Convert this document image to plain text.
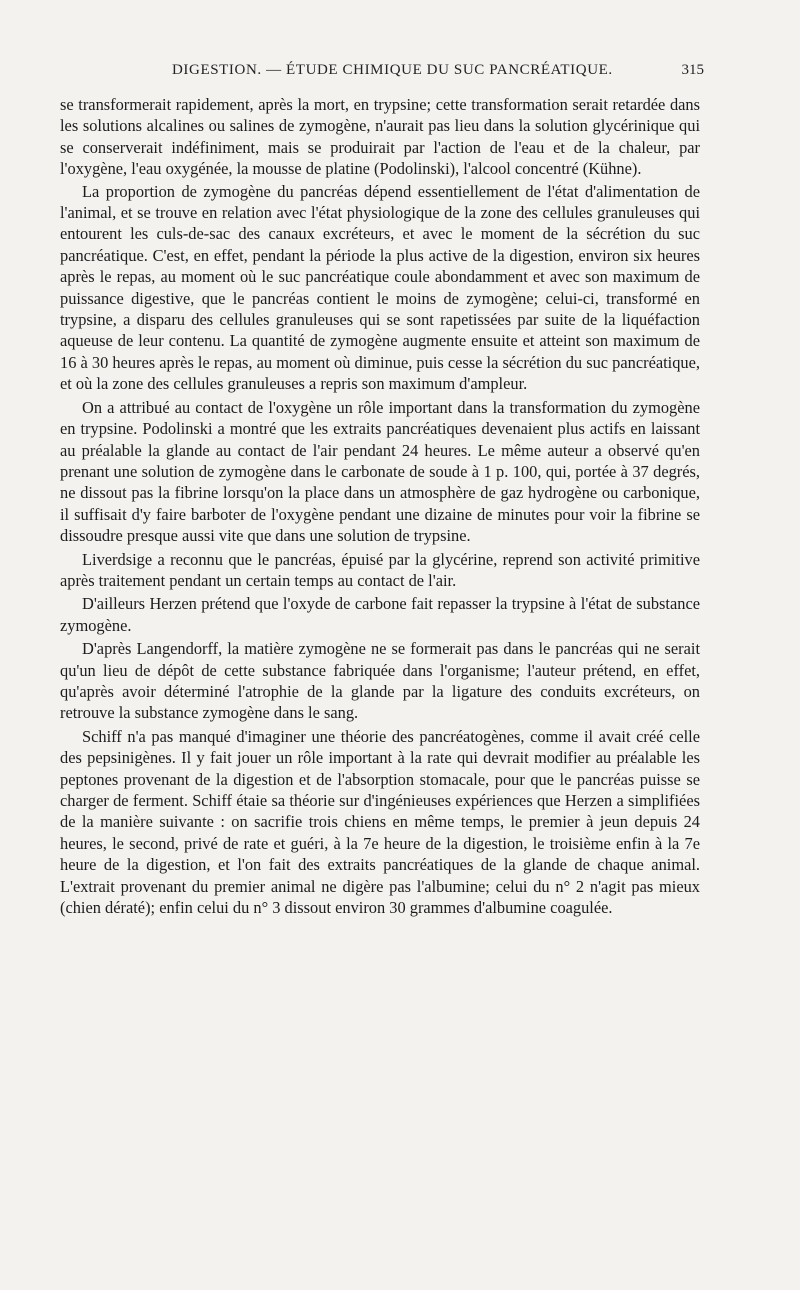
DIGESTION. — ÉTUDE CHIMIQUE DU SUC PANCRÉATIQUE.	315

se transformerait rapidement, après la mort, en trypsine; cette transformation serait retardée dans les solutions alcalines ou salines de zymogène, n'aurait pas lieu dans la solution glycérinique qui se conserverait indéfiniment, mais se produirait par l'action de l'eau et de la chaleur, par l'oxygène, l'eau oxygénée, la mousse de platine (Podolinski), l'alcool concentré (Kühne).

La proportion de zymogène du pancréas dépend essentiellement de l'état d'alimentation de l'animal, et se trouve en relation avec l'état physiologique de la zone des cellules granuleuses qui entourent les culs-de-sac des canaux excréteurs, et avec le moment de la sécrétion du suc pancréatique. C'est, en effet, pendant la période la plus active de la digestion, environ six heures après le repas, au moment où le suc pancréatique coule abondamment et avec son maximum de puissance digestive, que le pancréas contient le moins de zymogène; celui-ci, transformé en trypsine, a disparu des cellules granuleuses qui se sont rapetissées par suite de la liquéfaction aqueuse de leur contenu. La quantité de zymogène augmente ensuite et atteint son maximum de 16 à 30 heures après le repas, au moment où diminue, puis cesse la sécrétion du suc pancréatique, et où la zone des cellules granuleuses a repris son maximum d'ampleur.

On a attribué au contact de l'oxygène un rôle important dans la transformation du zymogène en trypsine. Podolinski a montré que les extraits pancréatiques devenaient plus actifs en laissant au préalable la glande au contact de l'air pendant 24 heures. Le même auteur a observé qu'en prenant une solution de zymogène dans le carbonate de soude à 1 p. 100, qui, portée à 37 degrés, ne dissout pas la fibrine lorsqu'on la place dans un atmosphère de gaz hydrogène ou carbonique, il suffisait d'y faire barboter de l'oxygène pendant une dizaine de minutes pour voir la fibrine se dissoudre presque aussi vite que dans une solution de trypsine.

Liverdsige a reconnu que le pancréas, épuisé par la glycérine, reprend son activité primitive après traitement pendant un certain temps au contact de l'air.

D'ailleurs Herzen prétend que l'oxyde de carbone fait repasser la trypsine à l'état de substance zymogène.

D'après Langendorff, la matière zymogène ne se formerait pas dans le pancréas qui ne serait qu'un lieu de dépôt de cette substance fabriquée dans l'organisme; l'auteur prétend, en effet, qu'après avoir déterminé l'atrophie de la glande par la ligature des conduits excréteurs, on retrouve la substance zymogène dans le sang.

Schiff n'a pas manqué d'imaginer une théorie des pancréatogènes, comme il avait créé celle des pepsinigènes. Il y fait jouer un rôle important à la rate qui devrait modifier au préalable les peptones provenant de la digestion et de l'absorption stomacale, pour que le pancréas puisse se charger de ferment. Schiff étaie sa théorie sur d'ingénieuses expériences que Herzen a simplifiées de la manière suivante : on sacrifie trois chiens en même temps, le premier à jeun depuis 24 heures, le second, privé de rate et guéri, à la 7e heure de la digestion, le troisième enfin à la 7e heure de la digestion, et l'on fait des extraits pancréatiques de la glande de chaque animal. L'extrait provenant du premier animal ne digère pas l'albumine; celui du n° 2 n'agit pas mieux (chien dératé); enfin celui du n° 3 dissout environ 30 grammes d'albumine coagulée.
